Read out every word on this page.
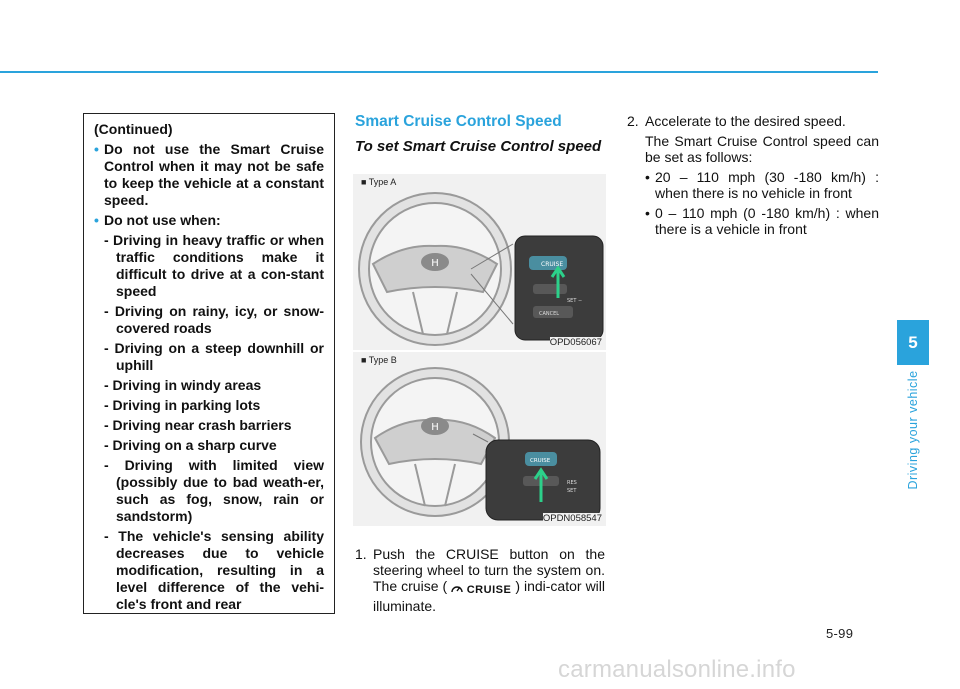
(Continued)
• Do not use the Smart Cruise Control when it may not be safe to keep the vehicle at a constant speed.
• Do not use when:
- Driving in heavy traffic or when traffic conditions make it difficult to drive at a con-stant speed
- Driving on rainy, icy, or snow-covered roads
- Driving on a steep downhill or uphill
- Driving in windy areas
- Driving in parking lots
- Driving near crash barriers
- Driving on a sharp curve
- Driving with limited view (possibly due to bad weath-er, such as fog, snow, rain or sandstorm)
- The vehicle's sensing ability decreases due to vehicle modification, resulting in a level difference of the vehi-cle's front and rear
Smart Cruise Control Speed
To set Smart Cruise Control speed
H	CRUISE
SET −
CANCEL
■ Type A
OPD056067
H
CRUISE
RES
SET
■ Type B
OPDN058547
1. Push the CRUISE button on the steering wheel to turn the system on. The cruise ( CRUISE ) indi-cator will illuminate.
2. Accelerate to the desired speed.
The Smart Cruise Control speed can be set as follows:
• 20 – 110 mph (30 -180 km/h) : when there is no vehicle in front
• 0 – 110 mph (0 -180 km/h) : when there is a vehicle in front
5
Driving your vehicle
5-99
carmanualsonline.info
